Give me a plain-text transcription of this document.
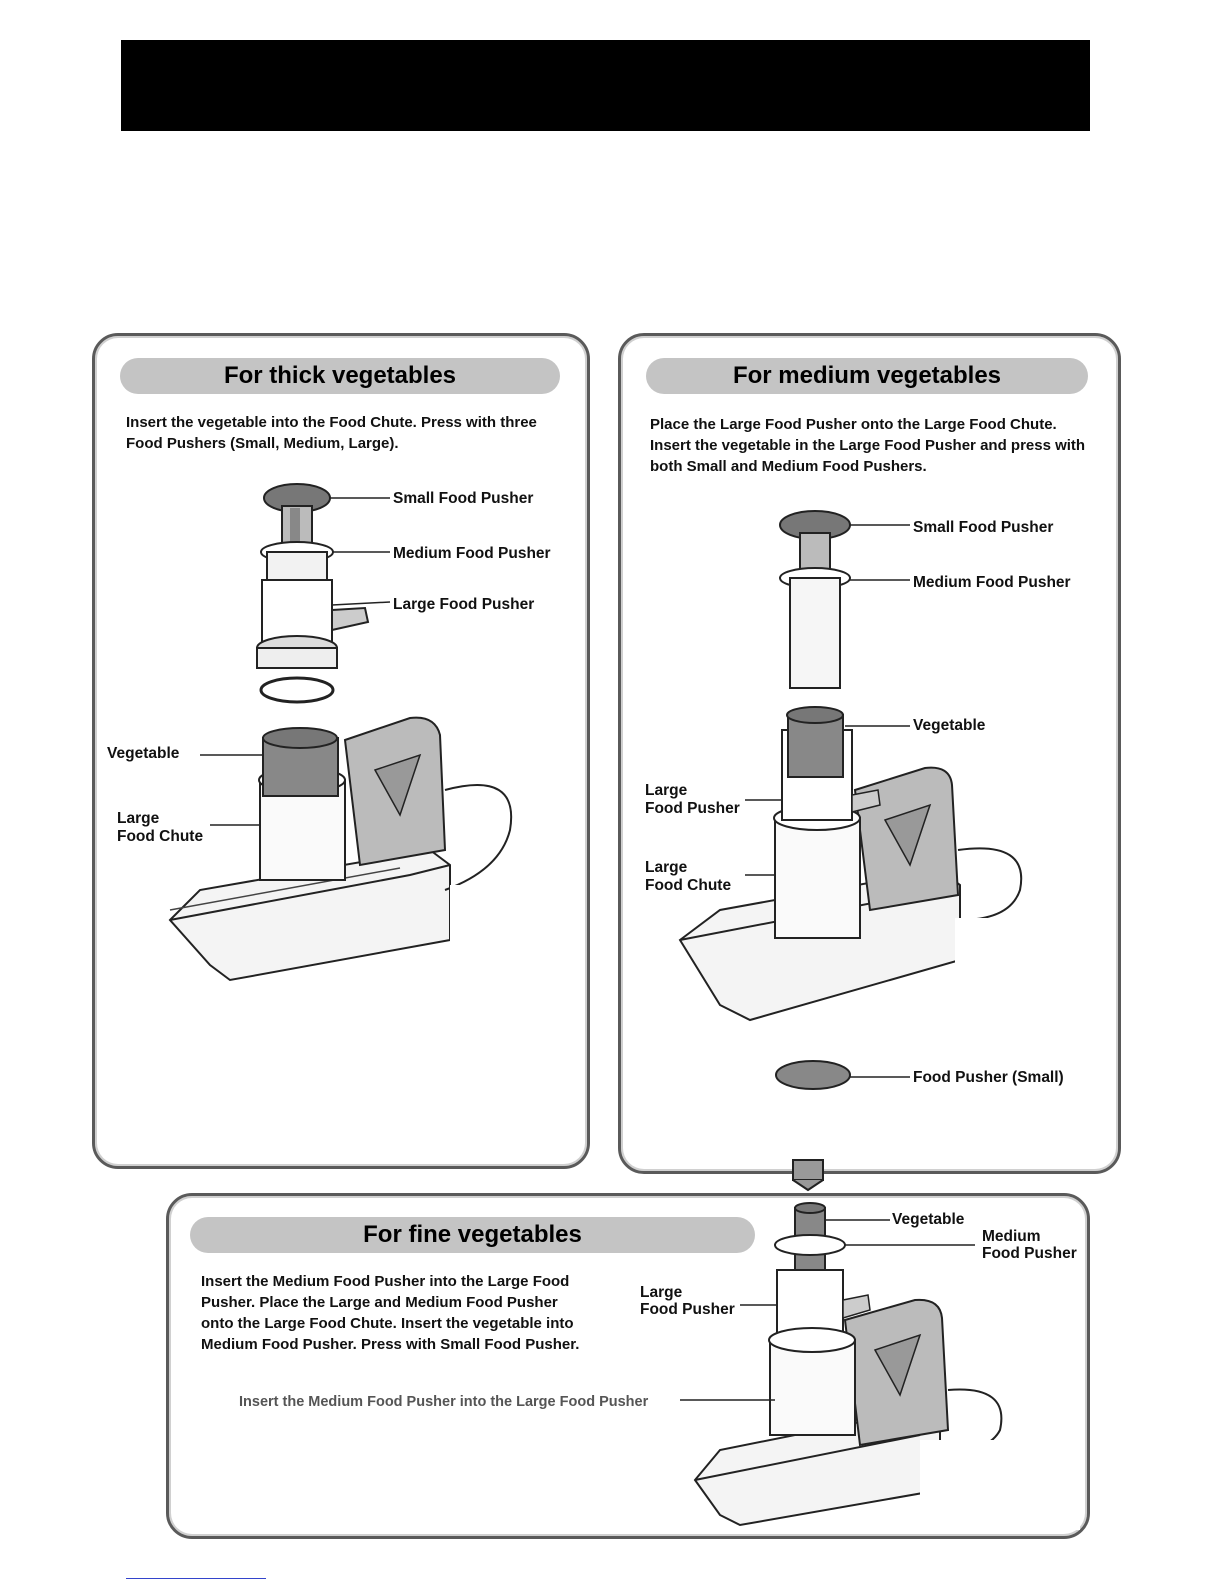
For thick vegetables
Insert the vegetable into the Food Chute. Press with three Food Pushers (Small, Medium, Large).
Small Food Pusher
Medium Food Pusher
Large Food Pusher
Vegetable
Large
Food Chute
For medium vegetables
Place the Large Food Pusher onto the Large Food Chute. Insert the vegetable in the Large Food Pusher and press with both Small and Medium Food Pushers.
Small Food Pusher
Medium Food Pusher
Vegetable
Large
Food Pusher
Large
Food Chute
Food Pusher (Small)
For fine vegetables
Insert the Medium Food Pusher into the Large Food Pusher. Place the Large and Medium Food Pusher onto the Large Food Chute. Insert the vegetable into Medium Food Pusher. Press with Small Food Pusher.
Vegetable
Medium
Food Pusher
Large
Food Pusher
Insert the Medium Food Pusher into the Large Food Pusher
